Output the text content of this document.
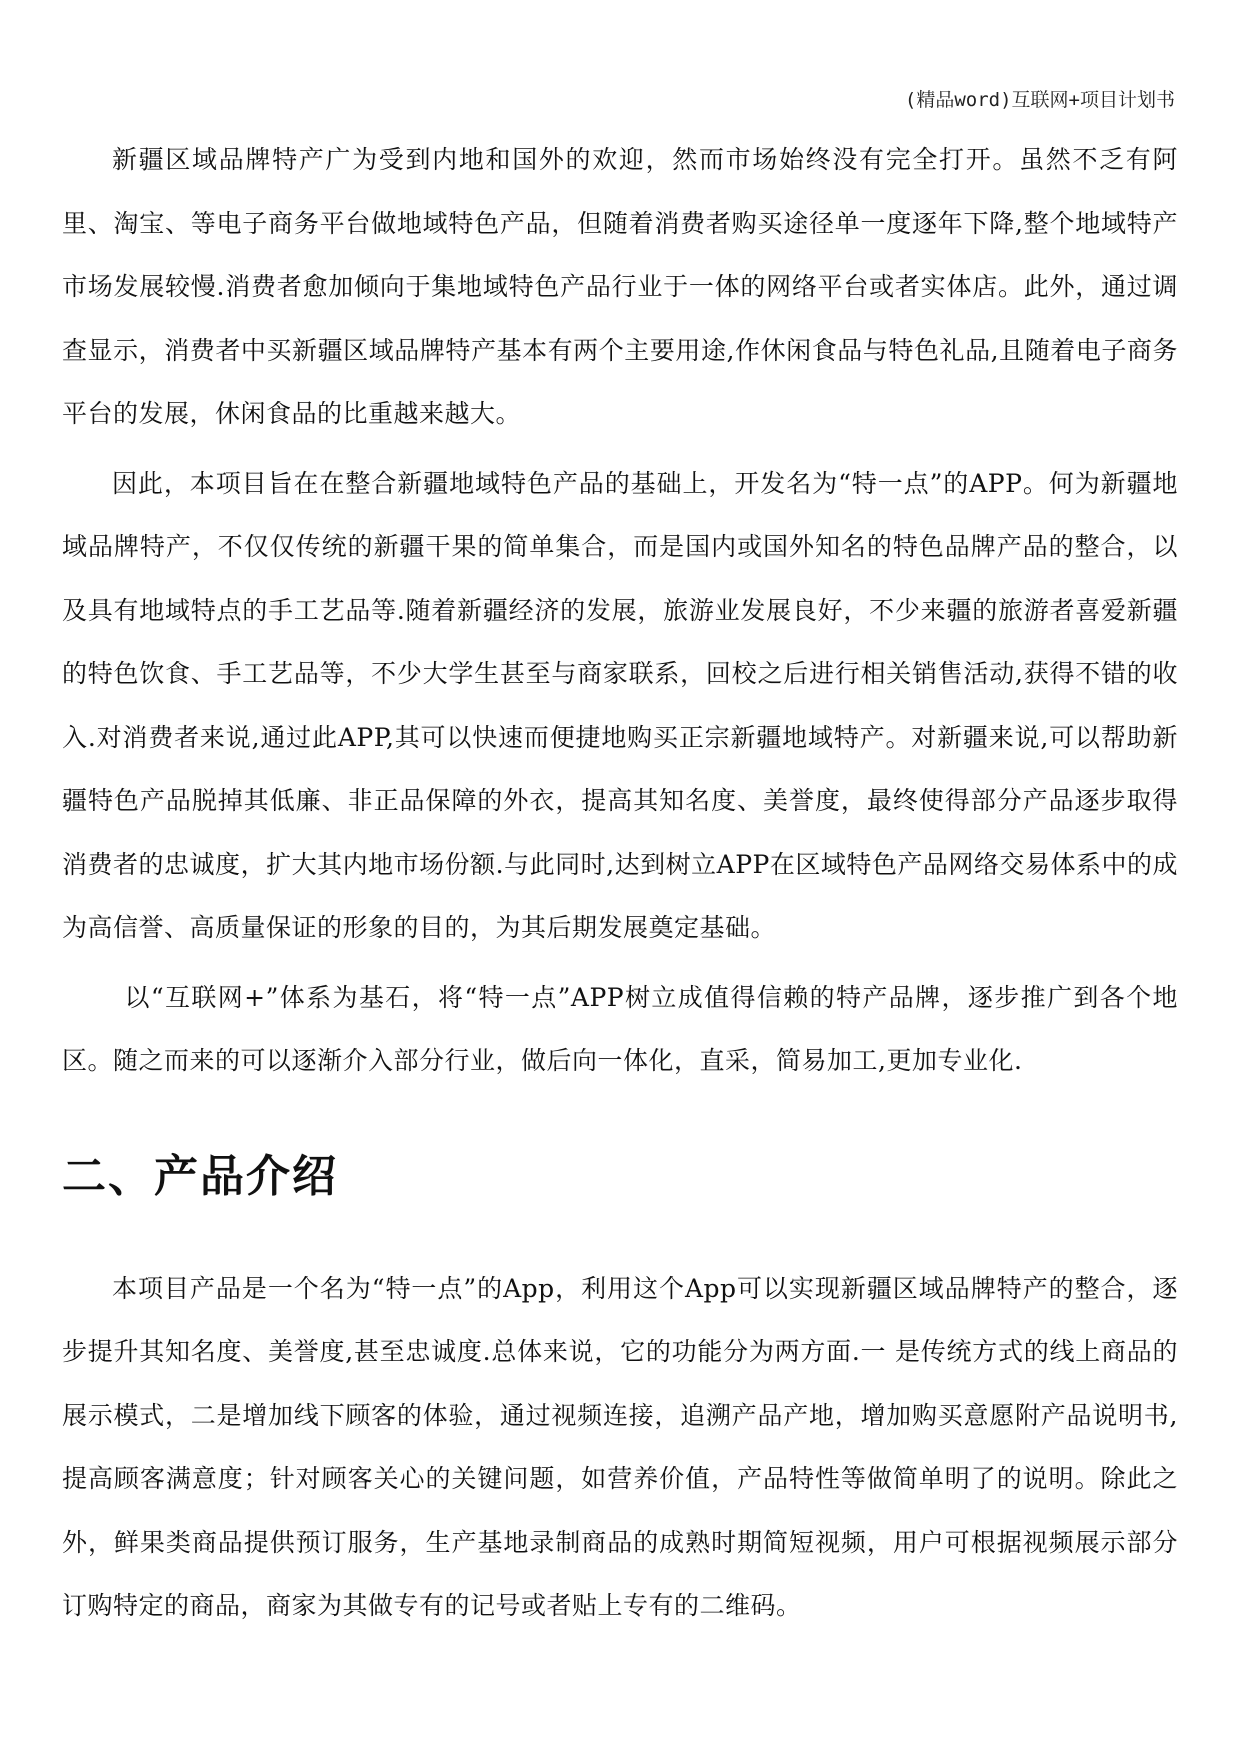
(精品word)互联网+项目计划书

新疆区域品牌特产广为受到内地和国外的欢迎，然而市场始终没有完全打开。虽然不乏有阿里、淘宝、等电子商务平台做地域特色产品，但随着消费者购买途径单一度逐年下降,整个地域特产市场发展较慢.消费者愈加倾向于集地域特色产品行业于一体的网络平台或者实体店。此外，通过调查显示，消费者中买新疆区域品牌特产基本有两个主要用途,作休闲食品与特色礼品,且随着电子商务平台的发展，休闲食品的比重越来越大。

因此，本项目旨在在整合新疆地域特色产品的基础上，开发名为“特一点”的APP。何为新疆地域品牌特产，不仅仅传统的新疆干果的简单集合，而是国内或国外知名的特色品牌产品的整合，以及具有地域特点的手工艺品等.随着新疆经济的发展，旅游业发展良好，不少来疆的旅游者喜爱新疆的特色饮食、手工艺品等，不少大学生甚至与商家联系，回校之后进行相关销售活动,获得不错的收入.对消费者来说,通过此APP,其可以快速而便捷地购买正宗新疆地域特产。对新疆来说,可以帮助新疆特色产品脱掉其低廉、非正品保障的外衣，提高其知名度、美誉度，最终使得部分产品逐步取得消费者的忠诚度，扩大其内地市场份额.与此同时,达到树立APP在区域特色产品网络交易体系中的成为高信誉、高质量保证的形象的目的，为其后期发展奠定基础。

以“互联网+”体系为基石，将“特一点”APP树立成值得信赖的特产品牌，逐步推广到各个地区。随之而来的可以逐渐介入部分行业，做后向一体化，直采，简易加工,更加专业化.

二、产品介绍

本项目产品是一个名为“特一点”的App，利用这个App可以实现新疆区域品牌特产的整合，逐步提升其知名度、美誉度,甚至忠诚度.总体来说，它的功能分为两方面.一 是传统方式的线上商品的展示模式，二是增加线下顾客的体验，通过视频连接，追溯产品产地，增加购买意愿附产品说明书,提高顾客满意度；针对顾客关心的关键问题，如营养价值，产品特性等做简单明了的说明。除此之外，鲜果类商品提供预订服务，生产基地录制商品的成熟时期简短视频，用户可根据视频展示部分订购特定的商品，商家为其做专有的记号或者贴上专有的二维码。
